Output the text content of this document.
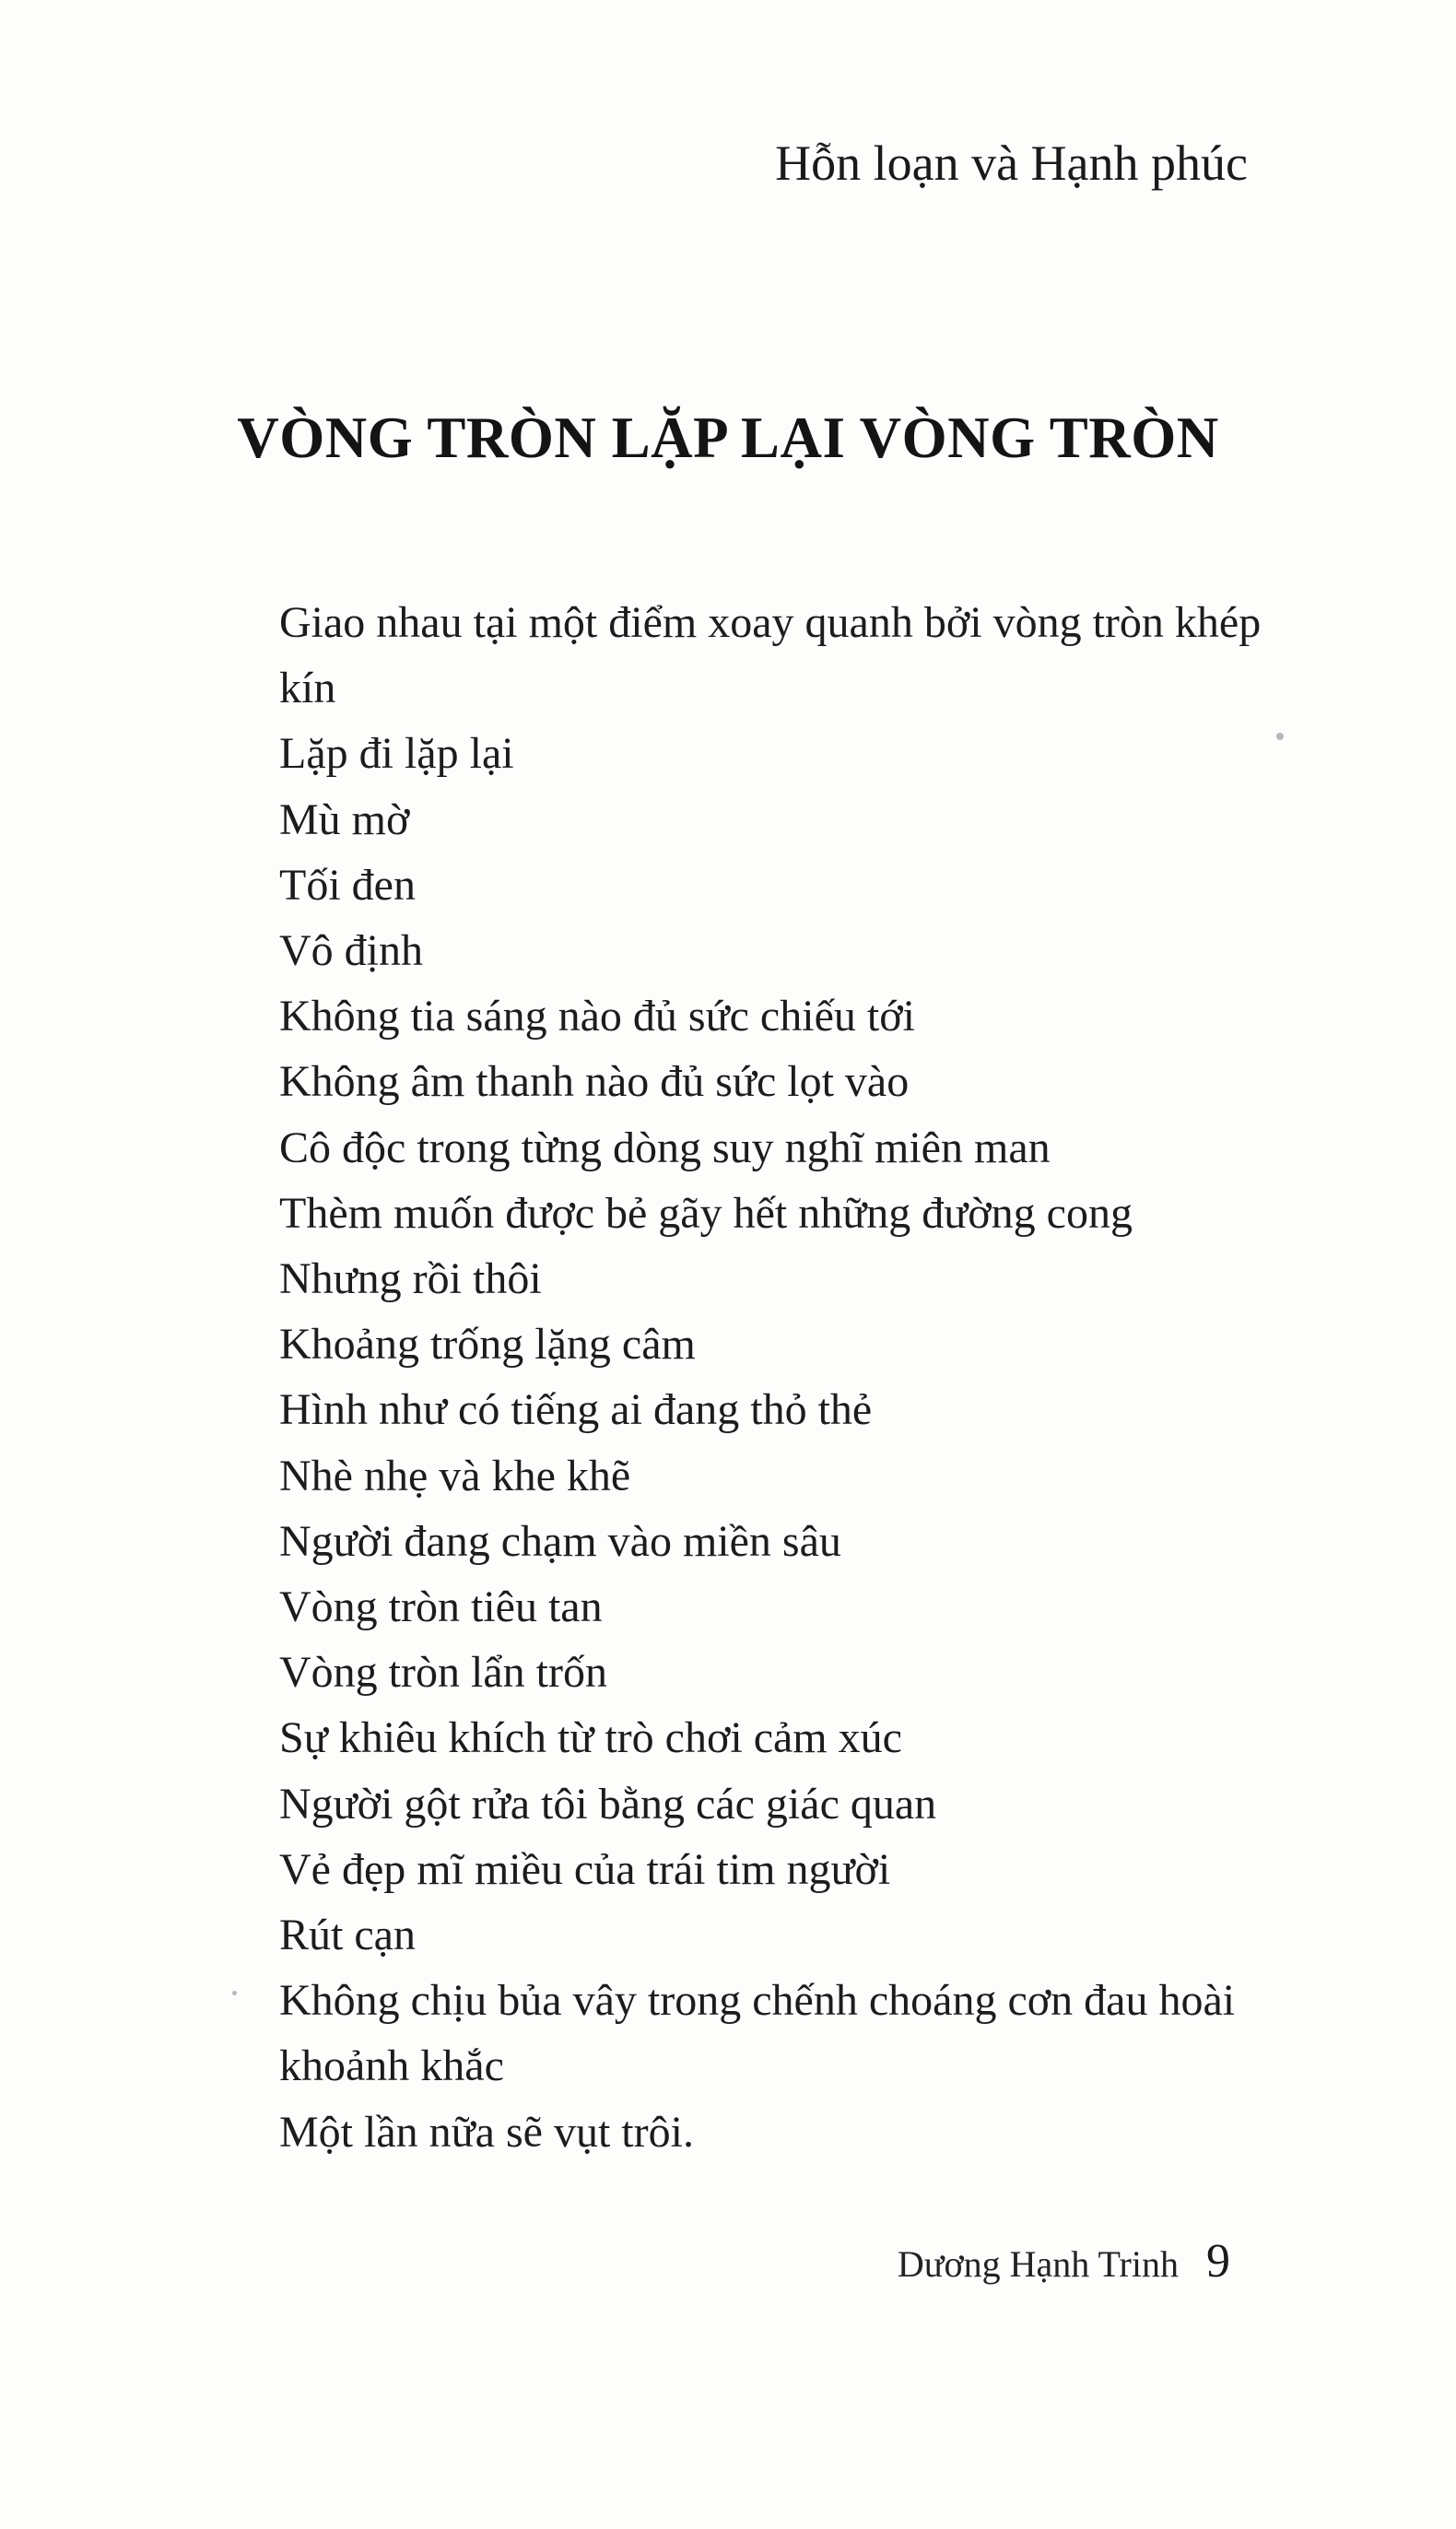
Hỗn loạn và Hạnh phúc
VÒNG TRÒN LẶP LẠI VÒNG TRÒN
Giao nhau tại một điểm xoay quanh bởi vòng tròn khép
kín
Lặp đi lặp lại
Mù mờ
Tối đen
Vô định
Không tia sáng nào đủ sức chiếu tới
Không âm thanh nào đủ sức lọt vào
Cô độc trong từng dòng suy nghĩ miên man
Thèm muốn được bẻ gãy hết những đường cong
Nhưng rồi thôi
Khoảng trống lặng câm
Hình như có tiếng ai đang thỏ thẻ
Nhè nhẹ và khe khẽ
Người đang chạm vào miền sâu
Vòng tròn tiêu tan
Vòng tròn lẩn trốn
Sự khiêu khích từ trò chơi cảm xúc
Người gột rửa tôi bằng các giác quan
Vẻ đẹp mĩ miều của trái tim người
Rút cạn
Không chịu bủa vây trong chếnh choáng cơn đau hoài
khoảnh khắc
Một lần nữa sẽ vụt trôi.
Dương Hạnh Trinh 9
